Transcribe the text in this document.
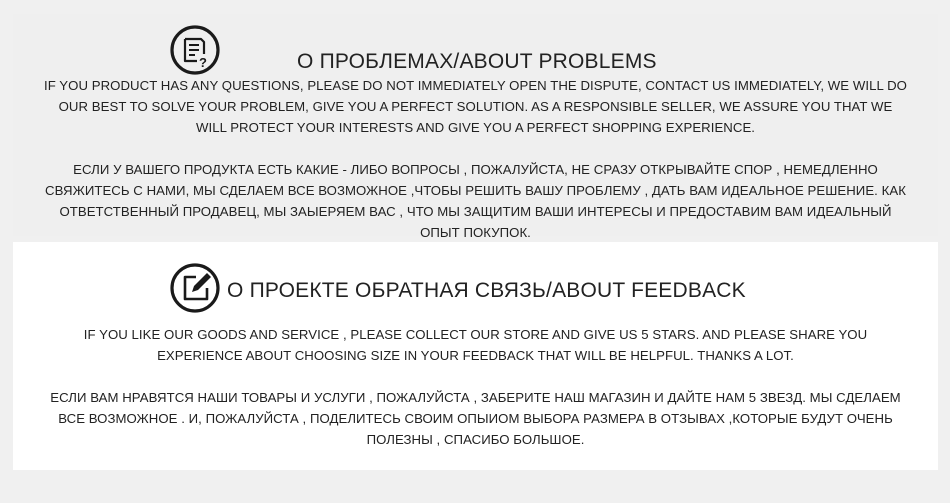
?	О ПРОБЛЕМАХ/ABOUT PROBLEMS

IF YOU PRODUCT HAS ANY QUESTIONS, PLEASE DO NOT IMMEDIATELY OPEN THE DISPUTE, CONTACT US IMMEDIATELY, WE WILL DO OUR BEST TO SOLVE YOUR PROBLEM, GIVE YOU A PERFECT SOLUTION. AS A RESPONSIBLE SELLER, WE ASSURE YOU THAT WE WILL PROTECT YOUR INTERESTS AND GIVE YOU A PERFECT SHOPPING EXPERIENCE.

ЕСЛИ У ВАШЕГО ПРОДУКТА ЕСТЬ КАКИЕ - ЛИБО ВОПРОСЫ , ПОЖАЛУЙСТА, НЕ СРАЗУ ОТКРЫВАЙТЕ СПОР , НЕМЕДЛЕННО СВЯЖИТЕСЬ С НАМИ, МЫ СДЕЛАЕМ ВСЕ ВОЗМОЖНОЕ ,ЧТОБЫ РЕШИТЬ ВАШУ ПРОБЛЕМУ , ДАТЬ ВАМ ИДЕАЛЬНОЕ РЕШЕНИЕ. КАК ОТВЕТСТВЕННЫЙ ПРОДАВЕЦ, МЫ ЗАЫЕРЯЕМ ВАС , ЧТО МЫ ЗАЩИТИМ ВАШИ ИНТЕРЕСЫ И ПРЕДОСТАВИМ ВАМ ИДЕАЛЬНЫЙ ОПЫТ ПОКУПОК.

О ПРОЕКТЕ ОБРАТНАЯ СВЯЗЬ/ABOUT FEEDBACK

IF YOU LIKE OUR GOODS AND SERVICE , PLEASE COLLECT OUR STORE AND GIVE US 5 STARS. AND PLEASE SHARE YOU EXPERIENCE ABOUT CHOOSING SIZE IN YOUR FEEDBACK THAT WILL BE HELPFUL. THANKS A LOT.

ЕСЛИ ВАМ НРАВЯТСЯ НАШИ ТОВАРЫ И УСЛУГИ , ПОЖАЛУЙСТА , ЗАБЕРИТЕ НАШ МАГАЗИН И ДАЙТЕ НАМ 5 ЗВЕЗД. МЫ СДЕЛАЕМ ВСЕ ВОЗМОЖНОЕ . И, ПОЖАЛУЙСТА , ПОДЕЛИТЕСЬ СВОИМ ОПЫИОМ ВЫБОРА РАЗМЕРА В ОТЗЫВАХ ,КОТОРЫЕ БУДУТ ОЧЕНЬ ПОЛЕЗНЫ , СПАСИБО БОЛЬШОЕ.
